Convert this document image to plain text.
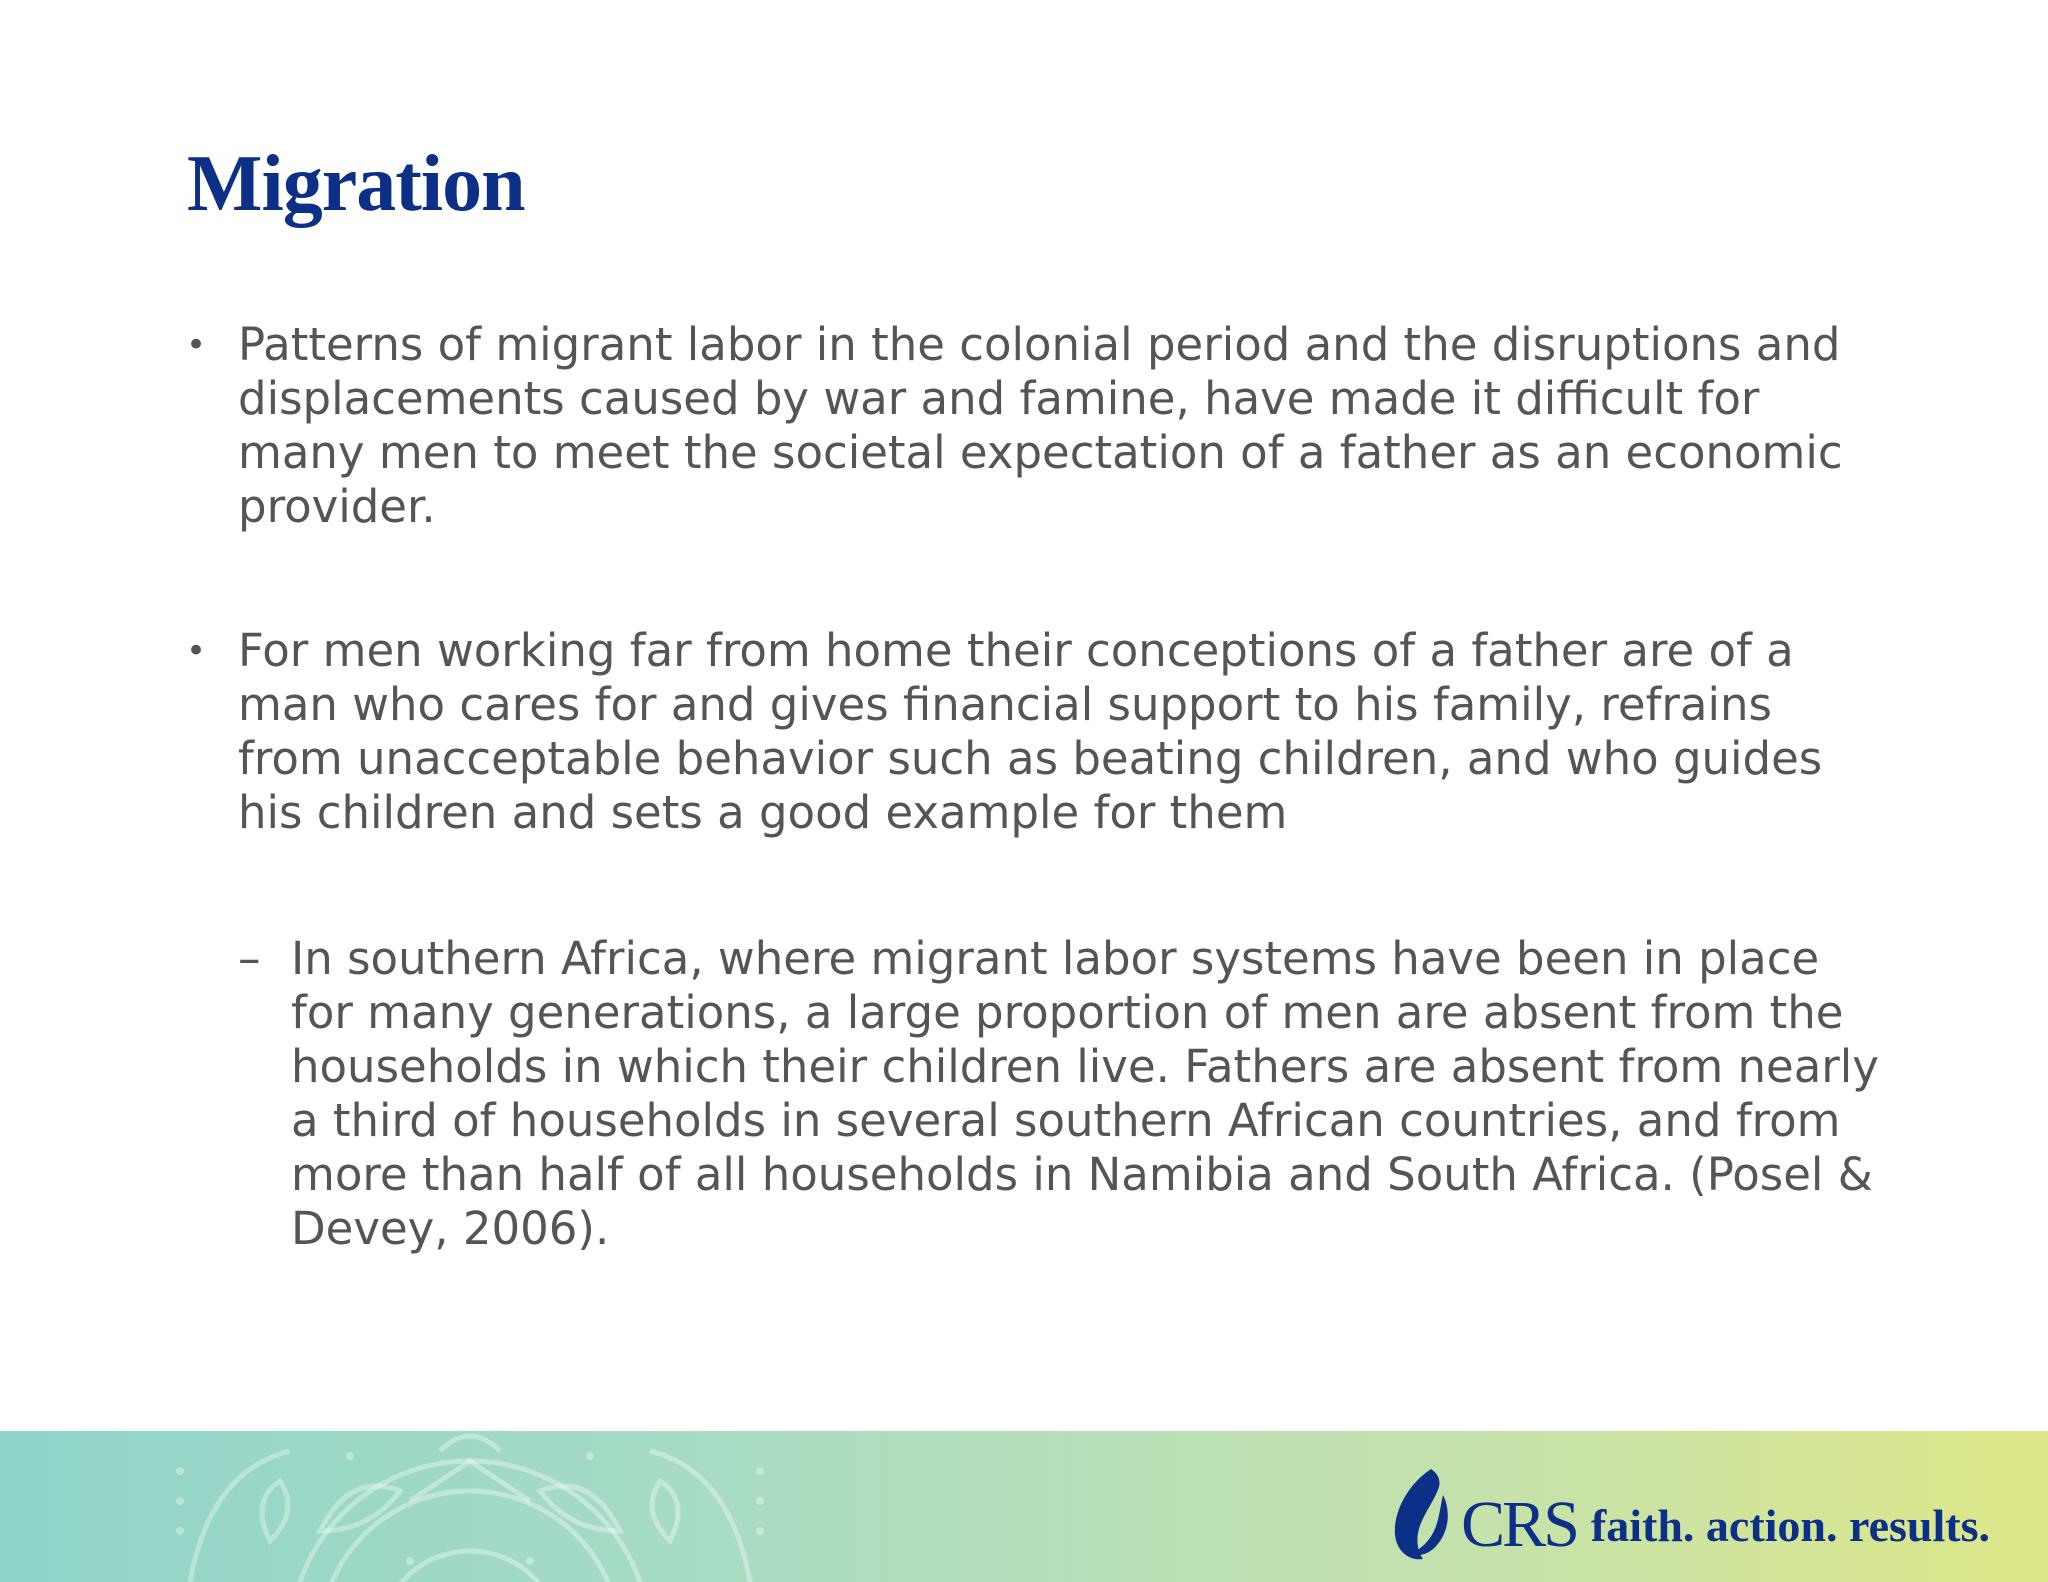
Migration

• Patterns of migrant labor in the colonial period and the disruptions and displacements caused by war and famine, have made it difficult for many men to meet the societal expectation of a father as an economic provider.

• For men working far from home their conceptions of a father are of a man who cares for and gives financial support to his family, refrains from unacceptable behavior such as beating children, and who guides his children and sets a good example for them

– In southern Africa, where migrant labor systems have been in place for many generations, a large proportion of men are absent from the households in which their children live. Fathers are absent from nearly a third of households in several southern African countries, and from more than half of all households in Namibia and South Africa. (Posel & Devey, 2006).

CRS faith. action. results.
